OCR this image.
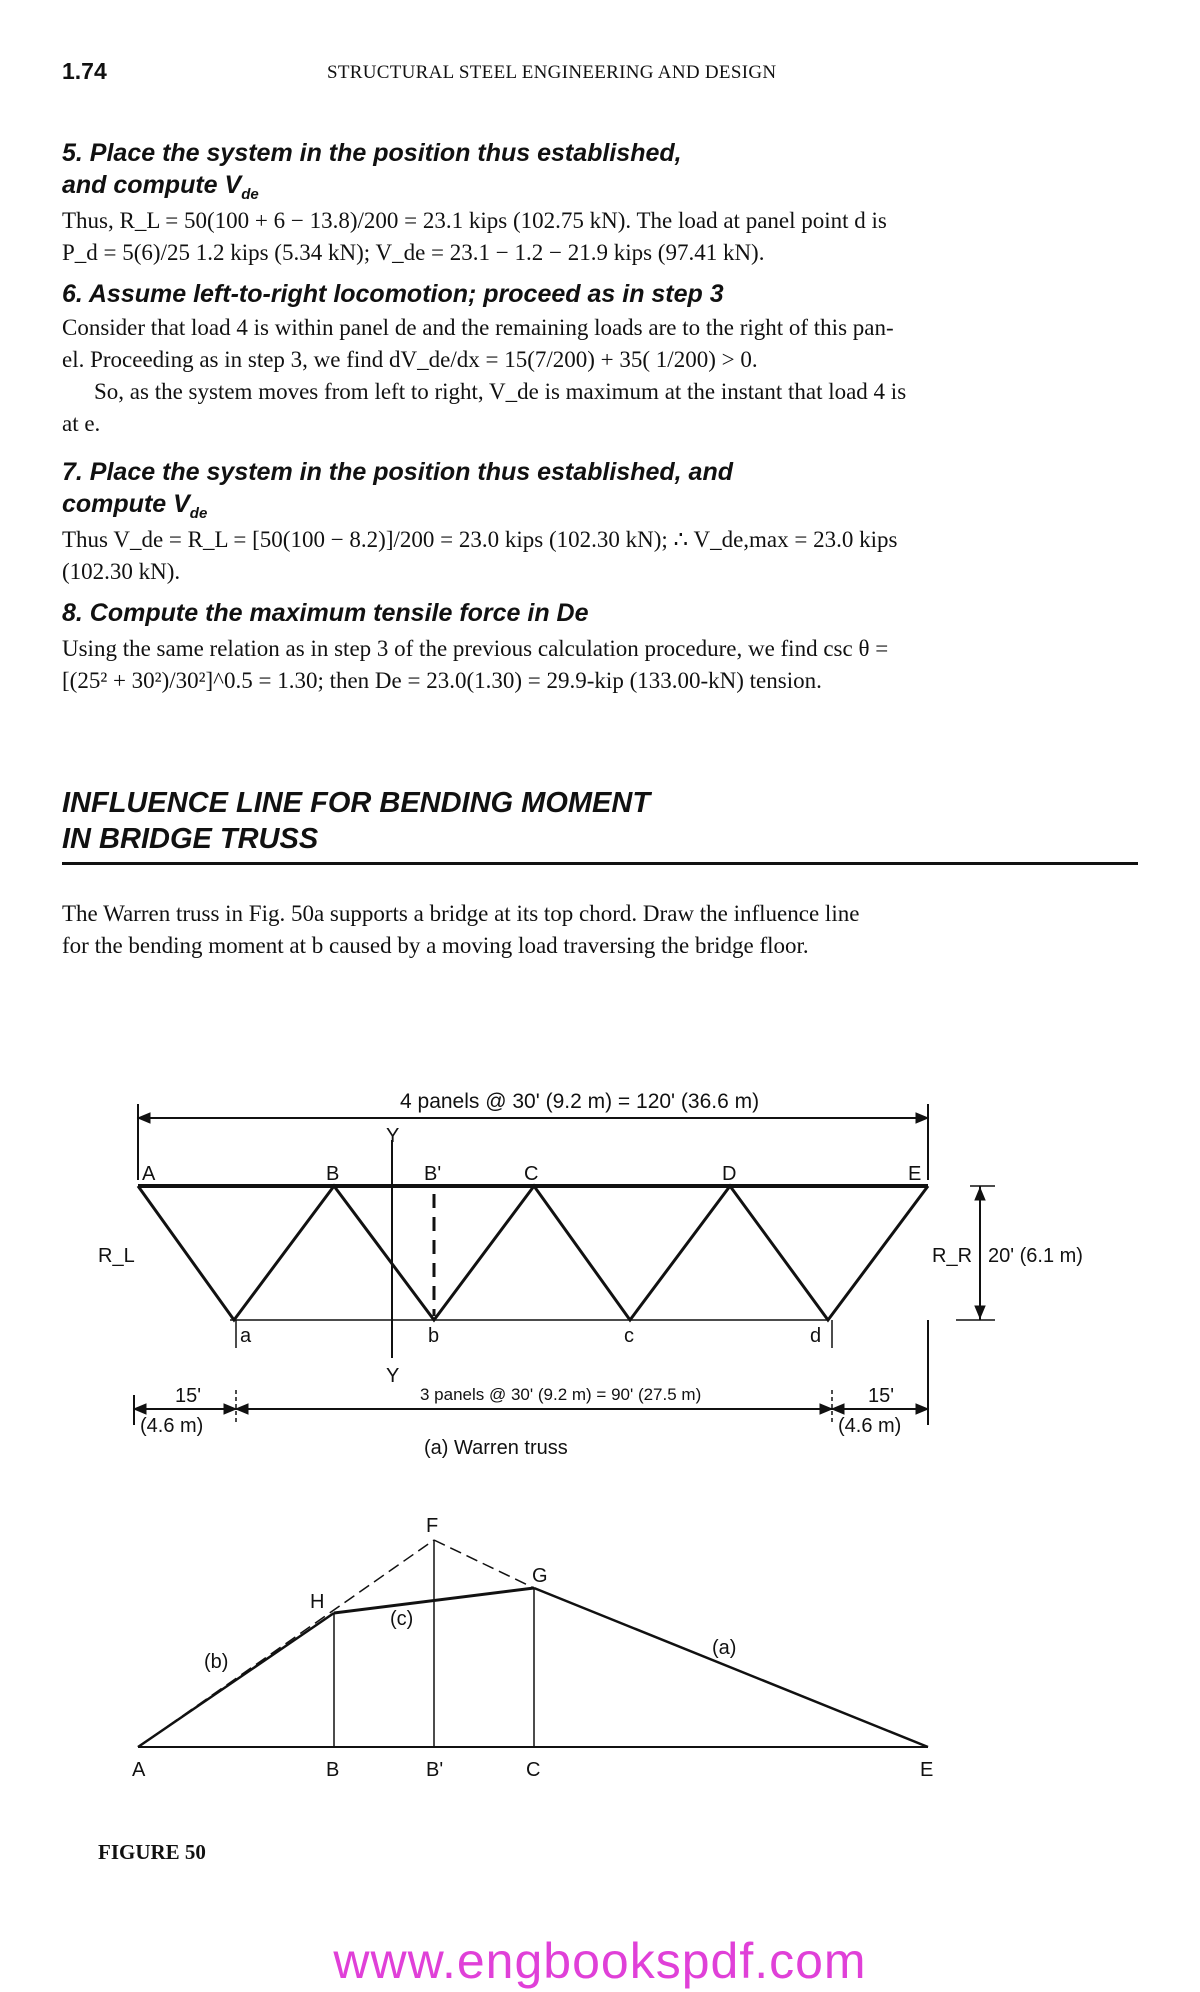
1.74	STRUCTURAL STEEL ENGINEERING AND DESIGN
5. Place the system in the position thus established,
and compute $V_{de}$
Thus, R_L = 50(100 + 6 − 13.8)/200 = 23.1 kips (102.75 kN). The load at panel point d is
P_d = 5(6)/25 1.2 kips (5.34 kN); V_de = 23.1 − 1.2 − 21.9 kips (97.41 kN).
6. Assume left-to-right locomotion; proceed as in step 3
Consider that load 4 is within panel de and the remaining loads are to the right of this pan-
el. Proceeding as in step 3, we find dV_de/dx = 15(7/200) + 35( 1/200) > 0.
So, as the system moves from left to right, V_de is maximum at the instant that load 4 is
at e.
7. Place the system in the position thus established, and
compute $V_{de}$
Thus V_de = R_L = [50(100 − 8.2)]/200 = 23.0 kips (102.30 kN); ∴ V_de,max = 23.0 kips
(102.30 kN).
8. Compute the maximum tensile force in De
Using the same relation as in step 3 of the previous calculation procedure, we find csc θ =
[(25² + 30²)/30²]^0.5 = 1.30; then De = 23.0(1.30) = 29.9-kip (133.00-kN) tension.
INFLUENCE LINE FOR BENDING MOMENT
IN BRIDGE TRUSS
The Warren truss in Fig. 50a supports a bridge at its top chord. Draw the influence line
for the bending moment at b caused by a moving load traversing the bridge floor.
4 panels @ 30' (9.2 m) = 120' (36.6 m)
Y
Y
A	B	B'	C	D	E
a	b	c	d
R_L	R_R 20' (6.1 m)
3 panels @ 30' (9.2 m) = 90' (27.5 m)
15'
(4.6 m)
15'
(4.6 m)
(a) Warren truss
F
G
H
(a)
(b)
(c)
A	B	B'	C	E
FIGURE 50
www.engbookspdf.com
